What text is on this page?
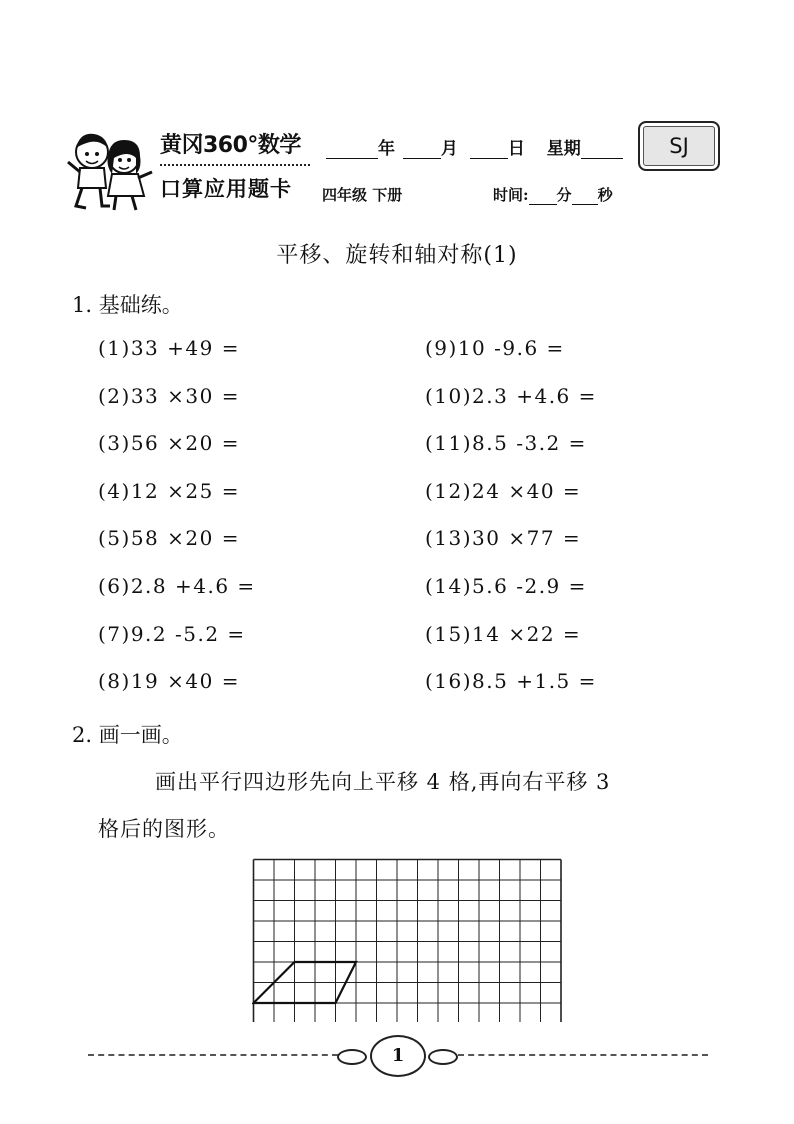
黄冈360°数学
口算应用题卡
年	月	日 星期	SJ
四年级 下册	时间: 分 秒
平移、旋转和轴对称(1)
1. 基础练。
(1)33 +49 =
(2)33 ×30 =
(3)56 ×20 =
(4)12 ×25 =
(5)58 ×20 =
(6)2.8 +4.6 =
(7)9.2 -5.2 =
(8)19 ×40 =
(9)10 -9.6 =
(10)2.3 +4.6 =
(11)8.5 -3.2 =
(12)24 ×40 =
(13)30 ×77 =
(14)5.6 -2.9 =
(15)14 ×22 =
(16)8.5 +1.5 =
2. 画一画。
画出平行四边形先向上平移 4 格,再向右平移 3
格后的图形。
1
